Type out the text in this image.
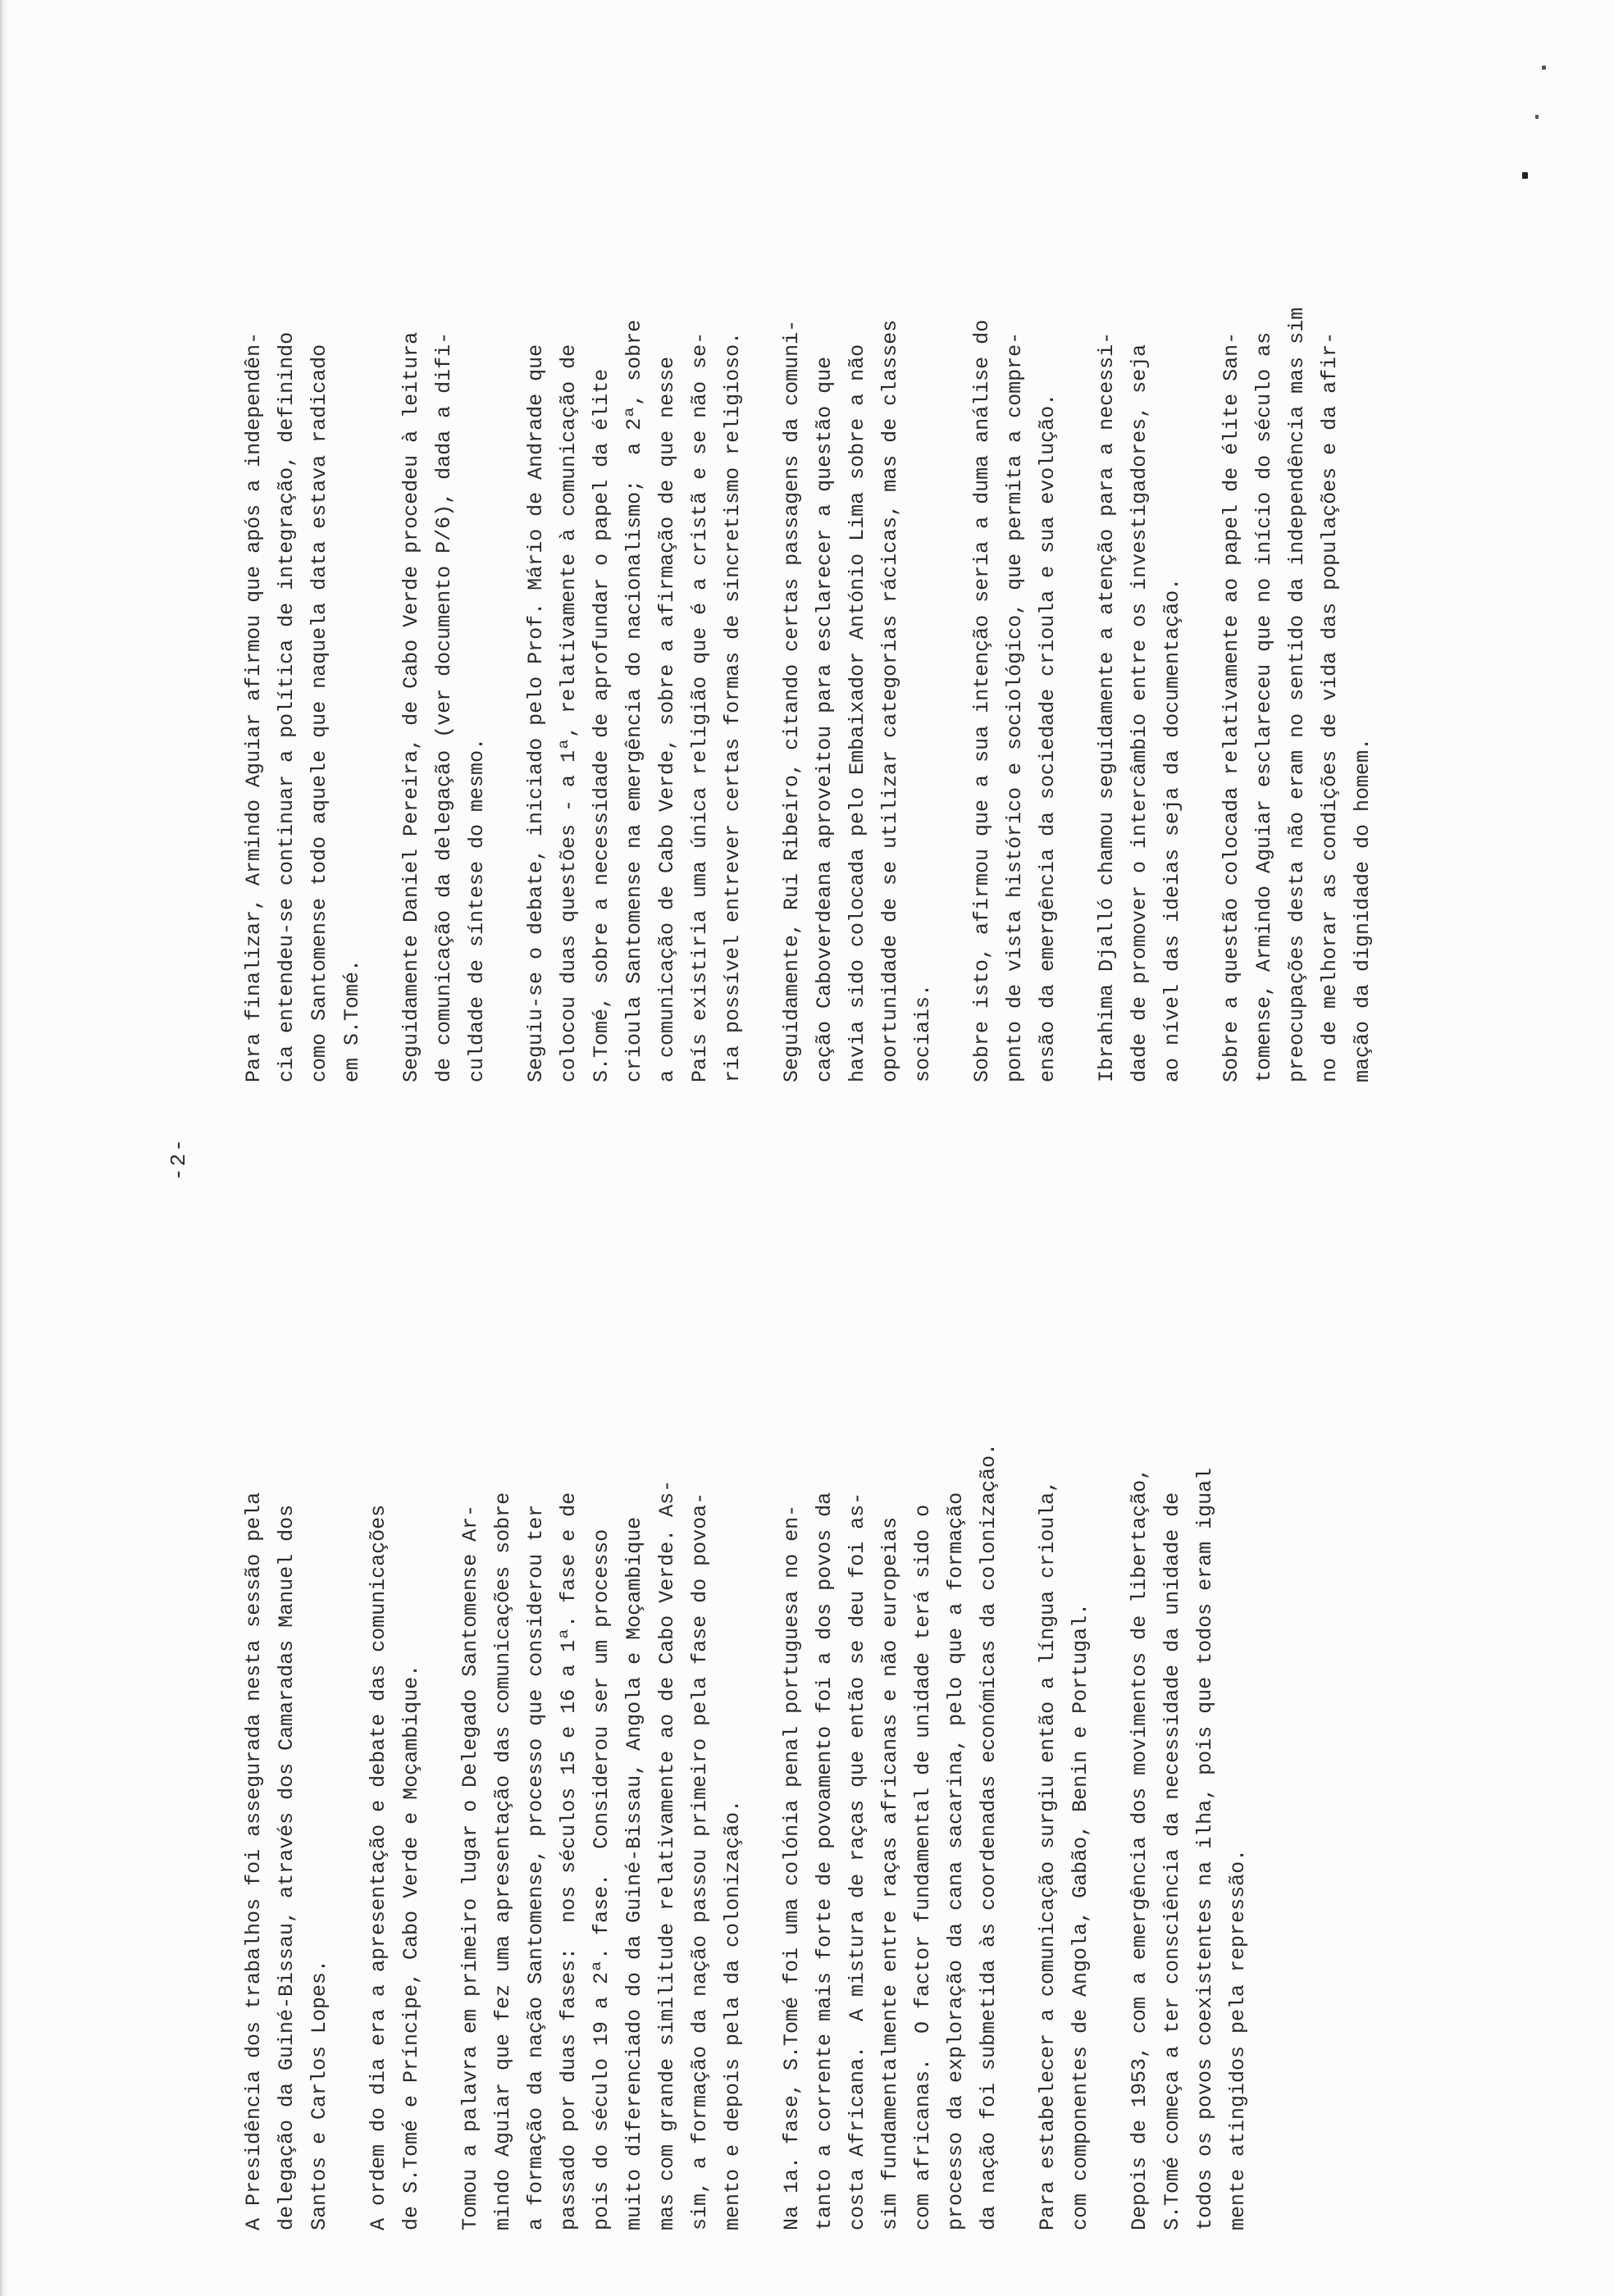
-2-
A Presidência dos trabalhos foi assegurada nesta sessão pela delegação da Guiné-Bissau, através dos Camaradas Manuel dos Santos e Carlos Lopes. A ordem do dia era a apresentação e debate das comunicações de S.Tomé e Príncipe, Cabo Verde e Moçambique. Tomou a palavra em primeiro lugar o Delegado Santomense Ar- mindo Aguiar que fez uma apresentação das comunicações sobre a formação da nação Santomense, processo que considerou ter passado por duas fases:  nos séculos 15 e 16 a 1ª. fase e de pois do século 19 a 2ª. fase.  Considerou ser um processo muito diferenciado do da Guiné-Bissau, Angola e Moçambique mas com grande similitude relativamente ao de Cabo Verde. As- sim, a formação da nação passou primeiro pela fase do povoa- mento e depois pela da colonização. Na 1a. fase, S.Tomé foi uma colónia penal portuguesa no en- tanto a corrente mais forte de povoamento foi a dos povos da costa Africana.  A mistura de raças que então se deu foi as- sim fundamentalmente entre raças africanas e não europeias com africanas.  O factor fundamental de unidade terá sido o processo da exploração da cana sacarina, pelo que a formação da nação foi submetida às coordenadas económicas da colonização. Para estabelecer a comunicação surgiu então a língua crioula, com componentes de Angola, Gabão, Benin e Portugal. Depois de 1953, com a emergência dos movimentos de libertação, S.Tomé começa a ter consciência da necessidade da unidade de todos os povos coexistentes na ilha, pois que todos eram igual mente atingidos pela repressão.
Para finalizar, Armindo Aguiar afirmou que após a independên- cia entendeu-se continuar a política de integração, definindo como Santomense todo aquele que naquela data estava radicado em S.Tomé. Seguidamente Daniel Pereira, de Cabo Verde procedeu à leitura de comunicação da delegação (ver documento P/6), dada a difi- culdade de síntese do mesmo. Seguiu-se o debate, iniciado pelo Prof. Mário de Andrade que colocou duas questões - a 1ª, relativamente à comunicação de S.Tomé, sobre a necessidade de aprofundar o papel da élite crioula Santomense na emergência do nacionalismo;  a 2ª, sobre a comunicação de Cabo Verde, sobre a afirmação de que nesse País existiria uma única religião que é a cristã e se não se- ria possível entrever certas formas de sincretismo religioso. Seguidamente, Rui Ribeiro, citando certas passagens da comuni- cação Caboverdeana aproveitou para esclarecer a questão que havia sido colocada pelo Embaixador António Lima sobre a não oportunidade de se utilizar categorias rácicas, mas de classes sociais. Sobre isto, afirmou que a sua intenção seria a duma análise do ponto de vista histórico e sociológico, que permita a compre- ensão da emergência da sociedade crioula e sua evolução. Ibrahima Djalló chamou seguidamente a atenção para a necessi- dade de promover o intercâmbio entre os investigadores, seja ao nível das ideias seja da documentação. Sobre a questão colocada relativamente ao papel de élite San- tomense, Armindo Aguiar esclareceu que no início do século as preocupações desta não eram no sentido da independência mas sim no de melhorar as condições de vida das populações e da afir- mação da dignidade do homem.
